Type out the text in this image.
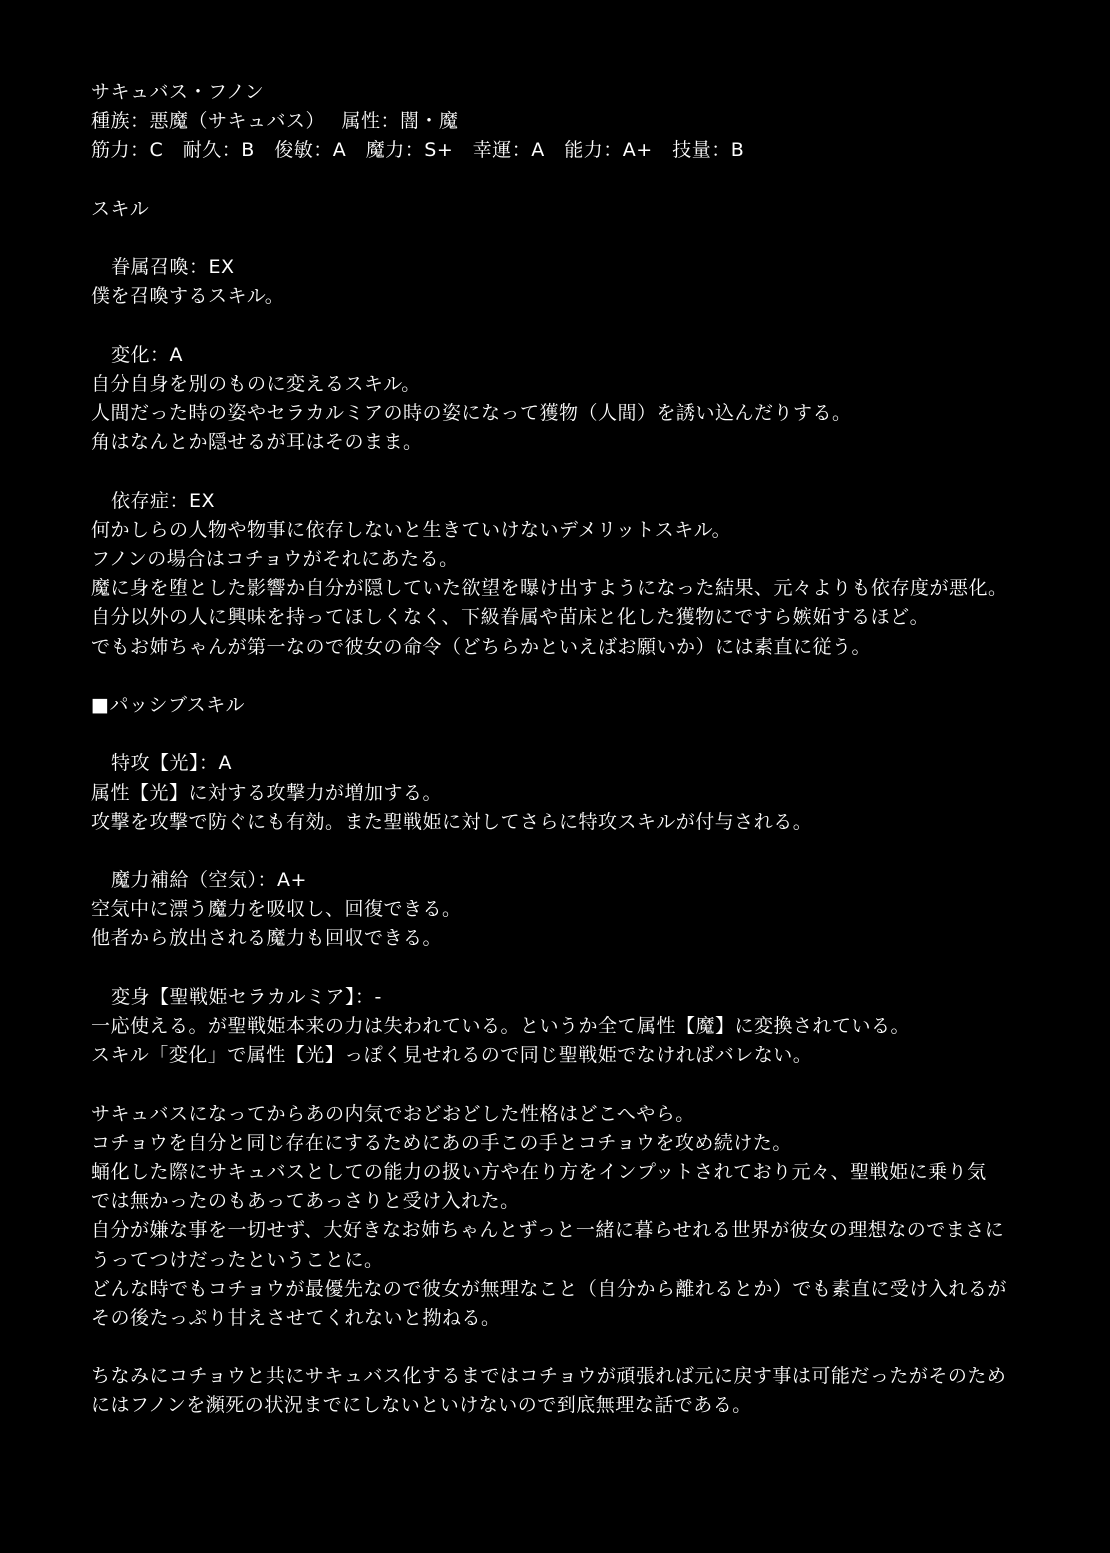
サキュバス・フノン
種族：悪魔（サキュバス）　 属性：闇・魔
筋力：C　耐久：B　俊敏：A　魔力：S+　幸運：A　能力：A+　技量：B
スキル
眷属召喚：EX
僕を召喚するスキル。
変化：A
自分自身を別のものに変えるスキル。
人間だった時の姿やセラカルミアの時の姿になって獲物（人間）を誘い込んだりする。
角はなんとか隠せるが耳はそのまま。
依存症：EX
何かしらの人物や物事に依存しないと生きていけないデメリットスキル。
フノンの場合はコチョウがそれにあたる。
魔に身を堕とした影響か自分が隠していた欲望を曝け出すようになった結果、元々よりも依存度が悪化。
自分以外の人に興味を持ってほしくなく、下級眷属や苗床と化した獲物にですら嫉妬するほど。
でもお姉ちゃんが第一なので彼女の命令（どちらかといえばお願いか）には素直に従う。
■パッシブスキル
特攻【光】：A
属性【光】に対する攻撃力が増加する。
攻撃を攻撃で防ぐにも有効。また聖戦姫に対してさらに特攻スキルが付与される。
魔力補給（空気）：A+
空気中に漂う魔力を吸収し、回復できる。
他者から放出される魔力も回収できる。
変身【聖戦姫セラカルミア】：-
一応使える。が聖戦姫本来の力は失われている。というか全て属性【魔】に変換されている。
スキル「変化」で属性【光】っぽく見せれるので同じ聖戦姫でなければバレない。
サキュバスになってからあの内気でおどおどした性格はどこへやら。
コチョウを自分と同じ存在にするためにあの手この手とコチョウを攻め続けた。
蛹化した際にサキュバスとしての能力の扱い方や在り方をインプットされており元々、聖戦姫に乗り気
では無かったのもあってあっさりと受け入れた。
自分が嫌な事を一切せず、大好きなお姉ちゃんとずっと一緒に暮らせれる世界が彼女の理想なのでまさに
うってつけだったということに。
どんな時でもコチョウが最優先なので彼女が無理なこと（自分から離れるとか）でも素直に受け入れるが
その後たっぷり甘えさせてくれないと拗ねる。
ちなみにコチョウと共にサキュバス化するまではコチョウが頑張れば元に戻す事は可能だったがそのため
にはフノンを瀕死の状況までにしないといけないので到底無理な話である。
